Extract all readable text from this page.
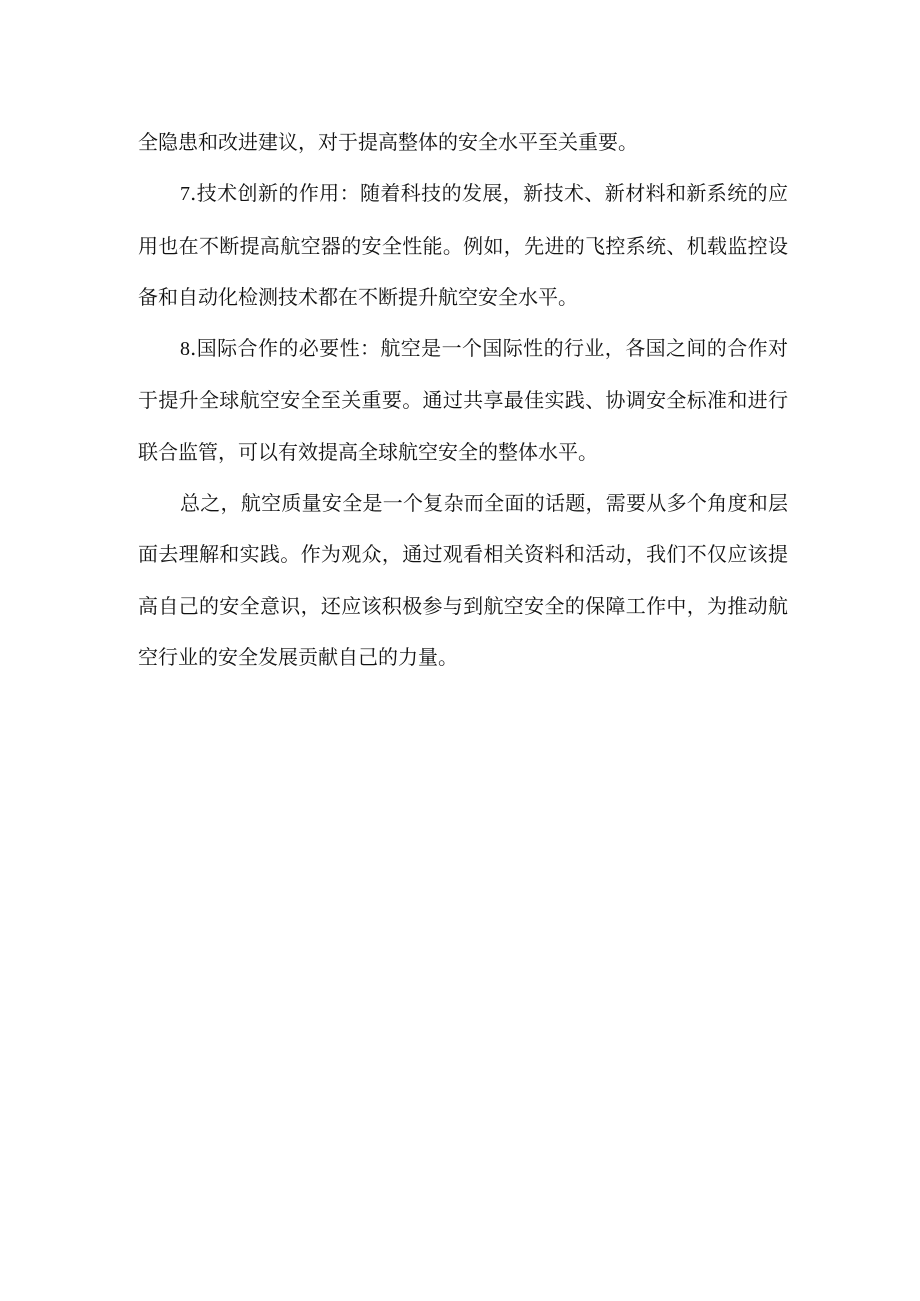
全隐患和改进建议，对于提高整体的安全水平至关重要。

7.技术创新的作用：随着科技的发展，新技术、新材料和新系统的应用也在不断提高航空器的安全性能。例如，先进的飞控系统、机载监控设备和自动化检测技术都在不断提升航空安全水平。

8.国际合作的必要性：航空是一个国际性的行业，各国之间的合作对于提升全球航空安全至关重要。通过共享最佳实践、协调安全标准和进行联合监管，可以有效提高全球航空安全的整体水平。

总之，航空质量安全是一个复杂而全面的话题，需要从多个角度和层面去理解和实践。作为观众，通过观看相关资料和活动，我们不仅应该提高自己的安全意识，还应该积极参与到航空安全的保障工作中，为推动航空行业的安全发展贡献自己的力量。
